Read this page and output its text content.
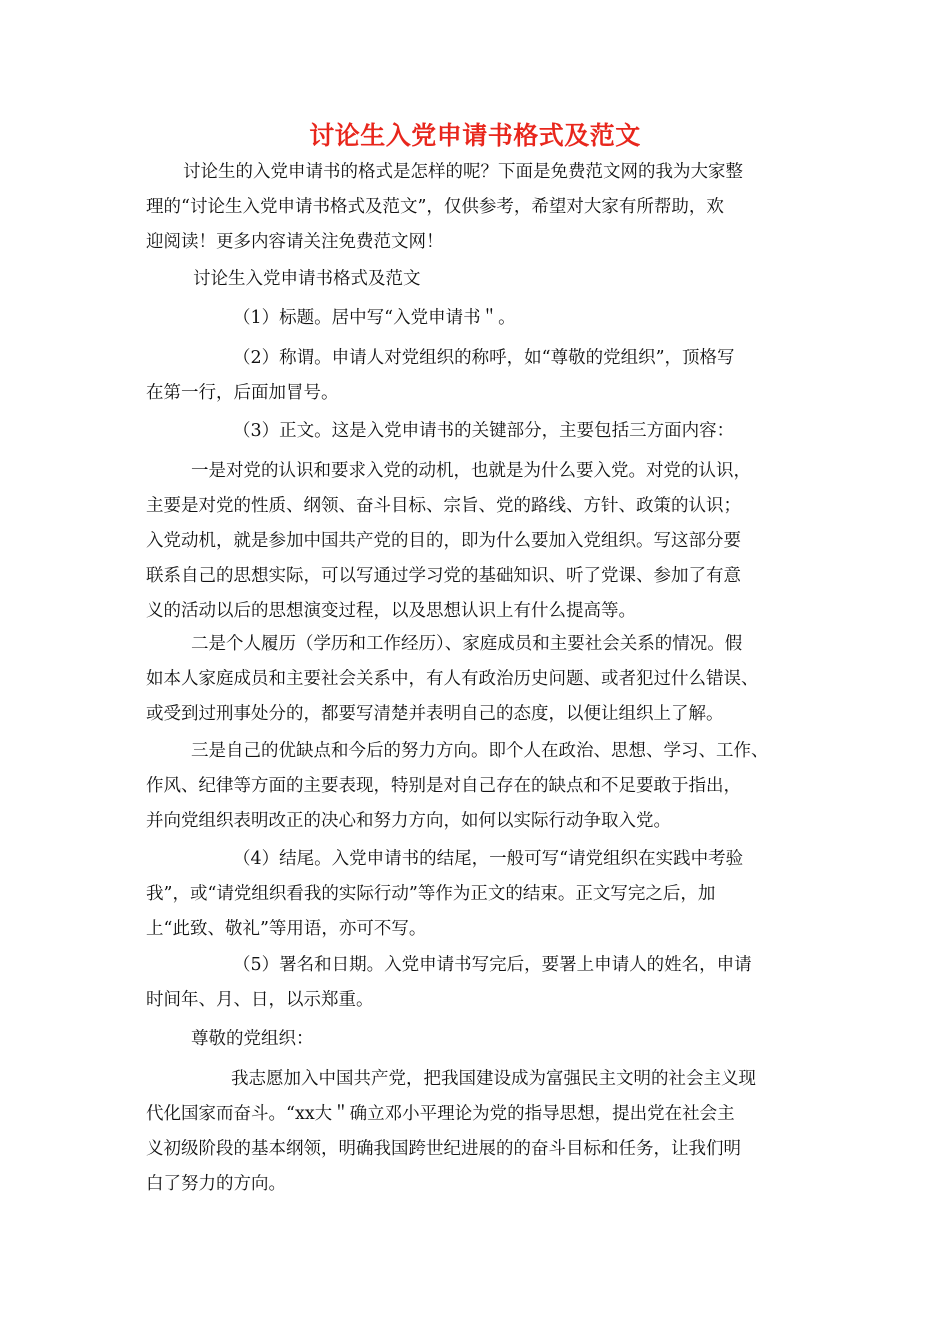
讨论生入党申请书格式及范文
讨论生的入党申请书的格式是怎样的呢？下面是免费范文网的我为大家整
理的“讨论生入党申请书格式及范文”，仅供参考，希望对大家有所帮助，欢
迎阅读！更多内容请关注免费范文网！
讨论生入党申请书格式及范文
（1）标题。居中写“入党申请书＂。
（2）称谓。申请人对党组织的称呼，如“尊敬的党组织”，顶格写
在第一行，后面加冒号。
（3）正文。这是入党申请书的关键部分，主要包括三方面内容：
一是对党的认识和要求入党的动机，也就是为什么要入党。对党的认识，
主要是对党的性质、纲领、奋斗目标、宗旨、党的路线、方针、政策的认识；
入党动机，就是参加中国共产党的目的，即为什么要加入党组织。写这部分要
联系自己的思想实际，可以写通过学习党的基础知识、听了党课、参加了有意
义的活动以后的思想演变过程，以及思想认识上有什么提高等。
二是个人履历（学历和工作经历）、家庭成员和主要社会关系的情况。假
如本人家庭成员和主要社会关系中，有人有政治历史问题、或者犯过什么错误、
或受到过刑事处分的，都要写清楚并表明自己的态度，以便让组织上了解。
三是自己的优缺点和今后的努力方向。即个人在政治、思想、学习、工作、
作风、纪律等方面的主要表现，特别是对自己存在的缺点和不足要敢于指出，
并向党组织表明改正的决心和努力方向，如何以实际行动争取入党。
（4）结尾。入党申请书的结尾，一般可写“请党组织在实践中考验
我”，或“请党组织看我的实际行动”等作为正文的结束。正文写完之后，加
上“此致、敬礼”等用语，亦可不写。
（5）署名和日期。入党申请书写完后，要署上申请人的姓名，申请
时间年、月、日，以示郑重。
尊敬的党组织：
我志愿加入中国共产党，把我国建设成为富强民主文明的社会主义现
代化国家而奋斗。“xx大＂确立邓小平理论为党的指导思想，提出党在社会主
义初级阶段的基本纲领，明确我国跨世纪进展的的奋斗目标和任务，让我们明
白了努力的方向。
